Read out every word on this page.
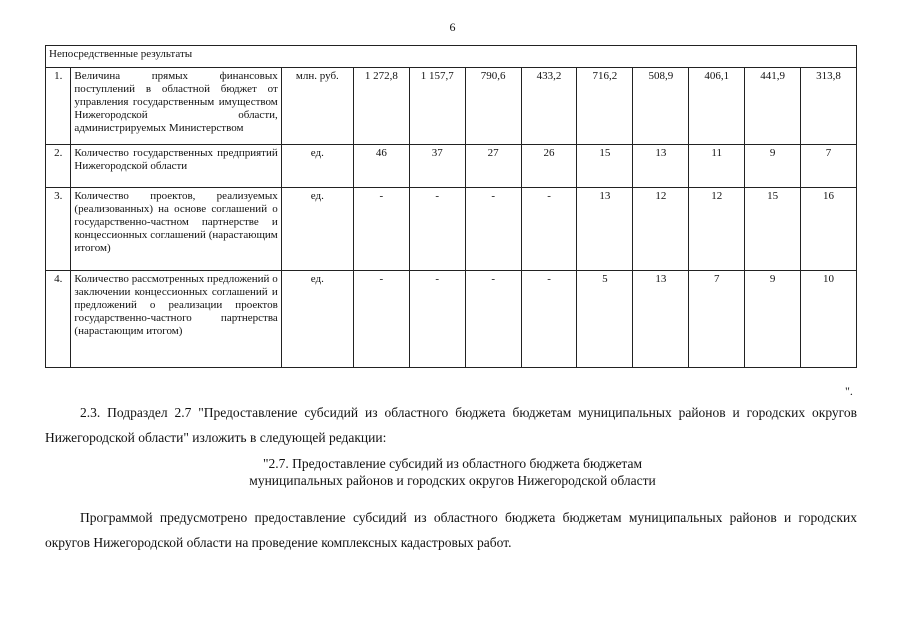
6
Непосредственные результаты											
1.	Величина прямых финансовых поступлений в областной бюджет от управления государственным имуществом Нижегородской области, администрируемых Министерством	млн. руб.	1 272,8	1 157,7	790,6	433,2	716,2	508,9	406,1	441,9	313,8
2.	Количество государственных предприятий Нижегородской области	ед.	46	37	27	26	15	13	11	9	7
3.	Количество проектов, реализуемых (реализованных) на основе соглашений о государственно-частном партнерстве и концессионных соглашений (нарастающим итогом)	ед.	-	-	-	-	13	12	12	15	16
4.	Количество рассмотренных предложений о заключении концессионных соглашений и предложений о реализации проектов государственно-частного партнерства (нарастающим итогом)	ед.	-	-	-	-	5	13	7	9	10
".
2.3. Подраздел 2.7 "Предоставление субсидий из областного бюджета бюджетам муниципальных районов и городских округов Нижегородской области" изложить в следующей редакции:
"2.7. Предоставление субсидий из областного бюджета бюджетам
муниципальных районов и городских округов Нижегородской области
Программой предусмотрено предоставление субсидий из областного бюджета бюджетам муниципальных районов и городских округов Нижегородской области на проведение комплексных кадастровых работ.
